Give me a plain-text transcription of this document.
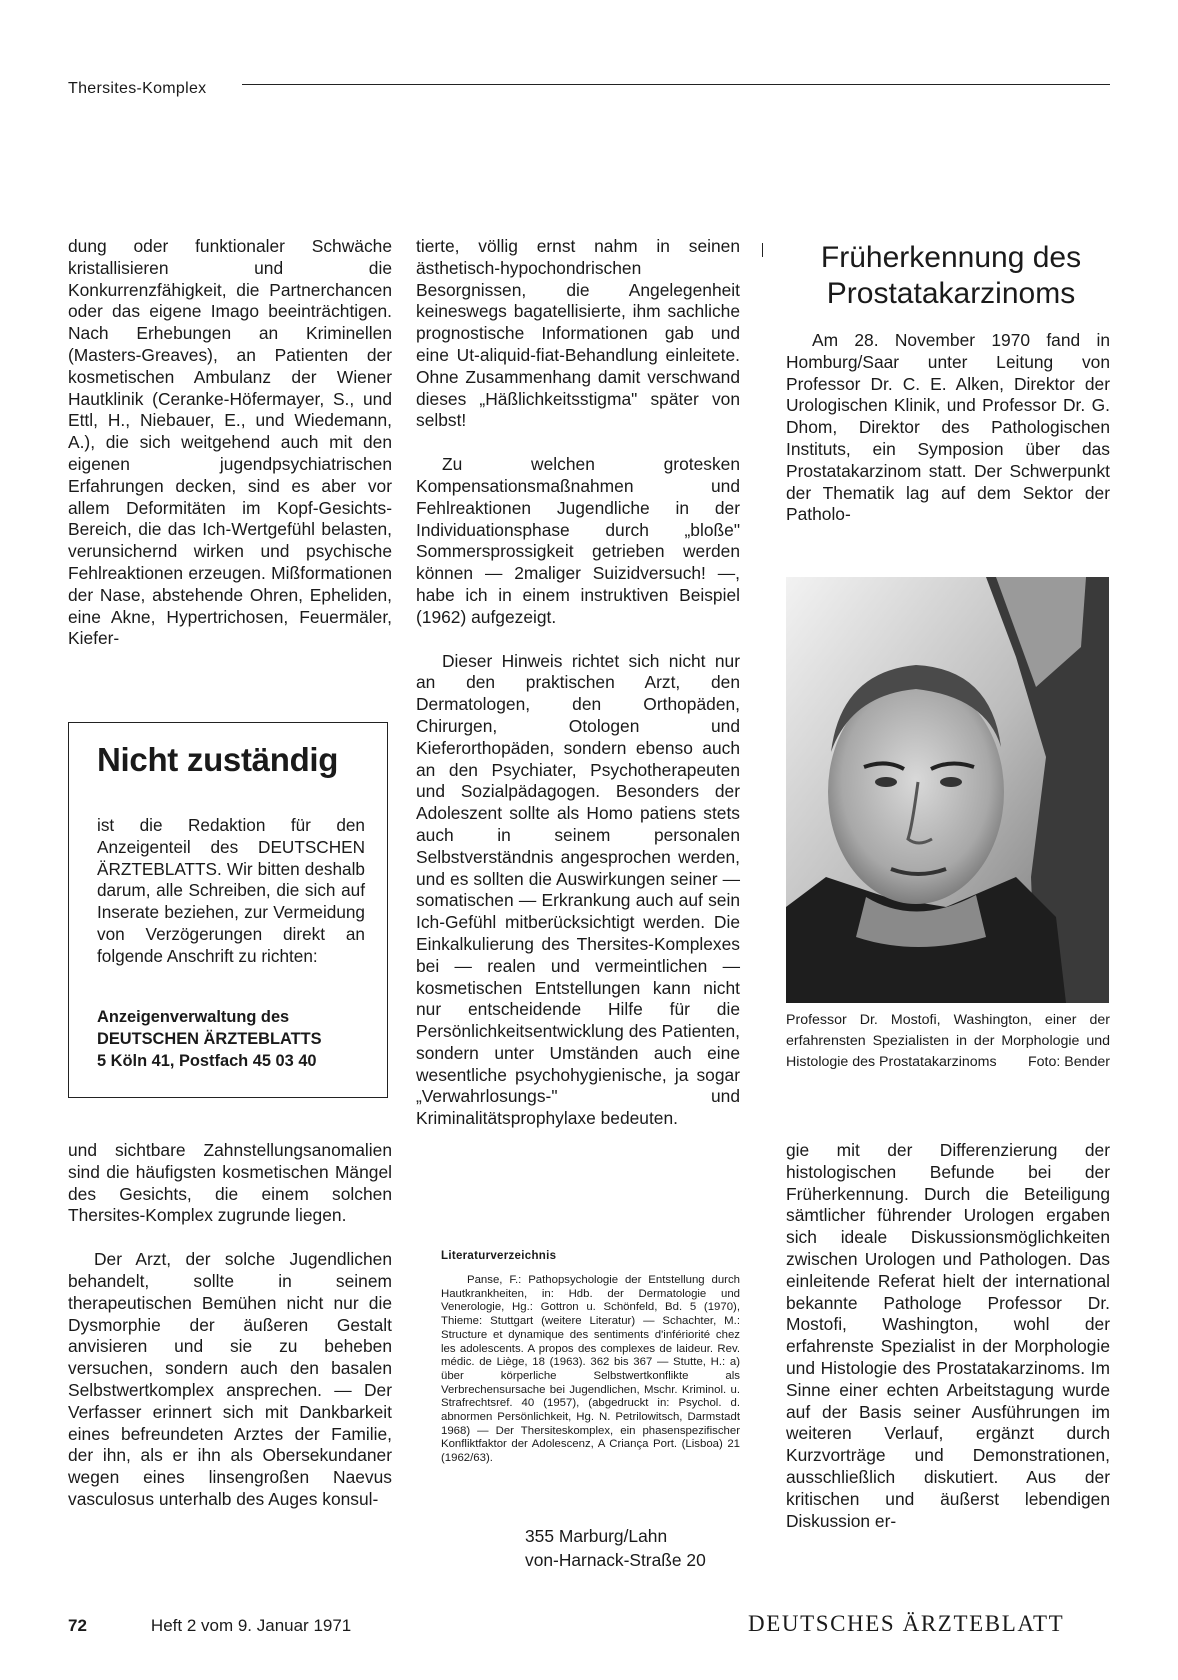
Thersites-Komplex

dung oder funktionaler Schwäche kristallisieren und die Konkurrenzfähigkeit, die Partnerchancen oder das eigene Imago beeinträchtigen. Nach Erhebungen an Kriminellen (Masters-Greaves), an Patienten der kosmetischen Ambulanz der Wiener Hautklinik (Ceranke-Höfermayer, S., und Ettl, H., Niebauer, E., und Wiedemann, A.), die sich weitgehend auch mit den eigenen jugendpsychiatrischen Erfahrungen decken, sind es aber vor allem Deformitäten im Kopf-Gesichts-Bereich, die das Ich-Wertgefühl belasten, verunsichernd wirken und psychische Fehlreaktionen erzeugen. Mißformationen der Nase, abstehende Ohren, Epheliden, eine Akne, Hypertrichosen, Feuermäler, Kiefer-

Nicht zuständig
ist die Redaktion für den Anzeigenteil des DEUTSCHEN ÄRZTEBLATTS. Wir bitten deshalb darum, alle Schreiben, die sich auf Inserate beziehen, zur Vermeidung von Verzögerungen direkt an folgende Anschrift zu richten:
Anzeigenverwaltung des
DEUTSCHEN ÄRZTEBLATTS
5 Köln 41, Postfach 45 03 40

und sichtbare Zahnstellungsanomalien sind die häufigsten kosmetischen Mängel des Gesichts, die einem solchen Thersites-Komplex zugrunde liegen.

Der Arzt, der solche Jugendlichen behandelt, sollte in seinem therapeutischen Bemühen nicht nur die Dysmorphie der äußeren Gestalt anvisieren und sie zu beheben versuchen, sondern auch den basalen Selbstwertkomplex ansprechen. — Der Verfasser erinnert sich mit Dankbarkeit eines befreundeten Arztes der Familie, der ihn, als er ihn als Obersekundaner wegen eines linsengroßen Naevus vasculosus unterhalb des Auges konsul-

tierte, völlig ernst nahm in seinen ästhetisch-hypochondrischen Besorgnissen, die Angelegenheit keineswegs bagatellisierte, ihm sachliche prognostische Informationen gab und eine Ut-aliquid-fiat-Behandlung einleitete. Ohne Zusammenhang damit verschwand dieses „Häßlichkeitsstigma" später von selbst!

Zu welchen grotesken Kompensationsmaßnahmen und Fehlreaktionen Jugendliche in der Individuationsphase durch „bloße" Sommersprossigkeit getrieben werden können — 2maliger Suizidversuch! —, habe ich in einem instruktiven Beispiel (1962) aufgezeigt.

Dieser Hinweis richtet sich nicht nur an den praktischen Arzt, den Dermatologen, den Orthopäden, Chirurgen, Otologen und Kieferorthopäden, sondern ebenso auch an den Psychiater, Psychotherapeuten und Sozialpädagogen. Besonders der Adoleszent sollte als Homo patiens stets auch in seinem personalen Selbstverständnis angesprochen werden, und es sollten die Auswirkungen seiner — somatischen — Erkrankung auch auf sein Ich-Gefühl mitberücksichtigt werden. Die Einkalkulierung des Thersites-Komplexes bei — realen und vermeintlichen — kosmetischen Entstellungen kann nicht nur entscheidende Hilfe für die Persönlichkeitsentwicklung des Patienten, sondern unter Umständen auch eine wesentliche psychohygienische, ja sogar „Verwahrlosungs-" und Kriminalitätsprophylaxe bedeuten.

Literaturverzeichnis
Panse, F.: Pathopsychologie der Entstellung durch Hautkrankheiten, in: Hdb. der Dermatologie und Venerologie, Hg.: Gottron u. Schönfeld, Bd. 5 (1970), Thieme: Stuttgart (weitere Literatur) — Schachter, M.: Structure et dynamique des sentiments d'infériorité chez les adolescents. A propos des complexes de laideur. Rev. médic. de Liège, 18 (1963). 362 bis 367 — Stutte, H.: a) über körperliche Selbstwertkonflikte als Verbrechensursache bei Jugendlichen, Mschr. Kriminol. u. Strafrechtsref. 40 (1957), (abgedruckt in: Psychol. d. abnormen Persönlichkeit, Hg. N. Petrilowitsch, Darmstadt 1968) — Der Thersiteskomplex, ein phasenspezifischer Konfliktfaktor der Adolescenz, A Criança Port. (Lisboa) 21 (1962/63).
355 Marburg/Lahn
von-Harnack-Straße 20
Früherkennung des Prostatakarzinoms

Am 28. November 1970 fand in Homburg/Saar unter Leitung von Professor Dr. C. E. Alken, Direktor der Urologischen Klinik, und Professor Dr. G. Dhom, Direktor des Pathologischen Instituts, ein Symposion über das Prostatakarzinom statt. Der Schwerpunkt der Thematik lag auf dem Sektor der Patholo-

Professor Dr. Mostofi, Washington, einer der erfahrensten Spezialisten in der Morphologie und Histologie des Prostatakarzinoms Foto: Bender

gie mit der Differenzierung der histologischen Befunde bei der Früherkennung. Durch die Beteiligung sämtlicher führender Urologen ergaben sich ideale Diskussionsmöglichkeiten zwischen Urologen und Pathologen. Das einleitende Referat hielt der international bekannte Pathologe Professor Dr. Mostofi, Washington, wohl der erfahrenste Spezialist in der Morphologie und Histologie des Prostatakarzinoms. Im Sinne einer echten Arbeitstagung wurde auf der Basis seiner Ausführungen im weiteren Verlauf, ergänzt durch Kurzvorträge und Demonstrationen, ausschließlich diskutiert. Aus der kritischen und äußerst lebendigen Diskussion er-

72	Heft 2 vom 9. Januar 1971	DEUTSCHES ÄRZTEBLATT
